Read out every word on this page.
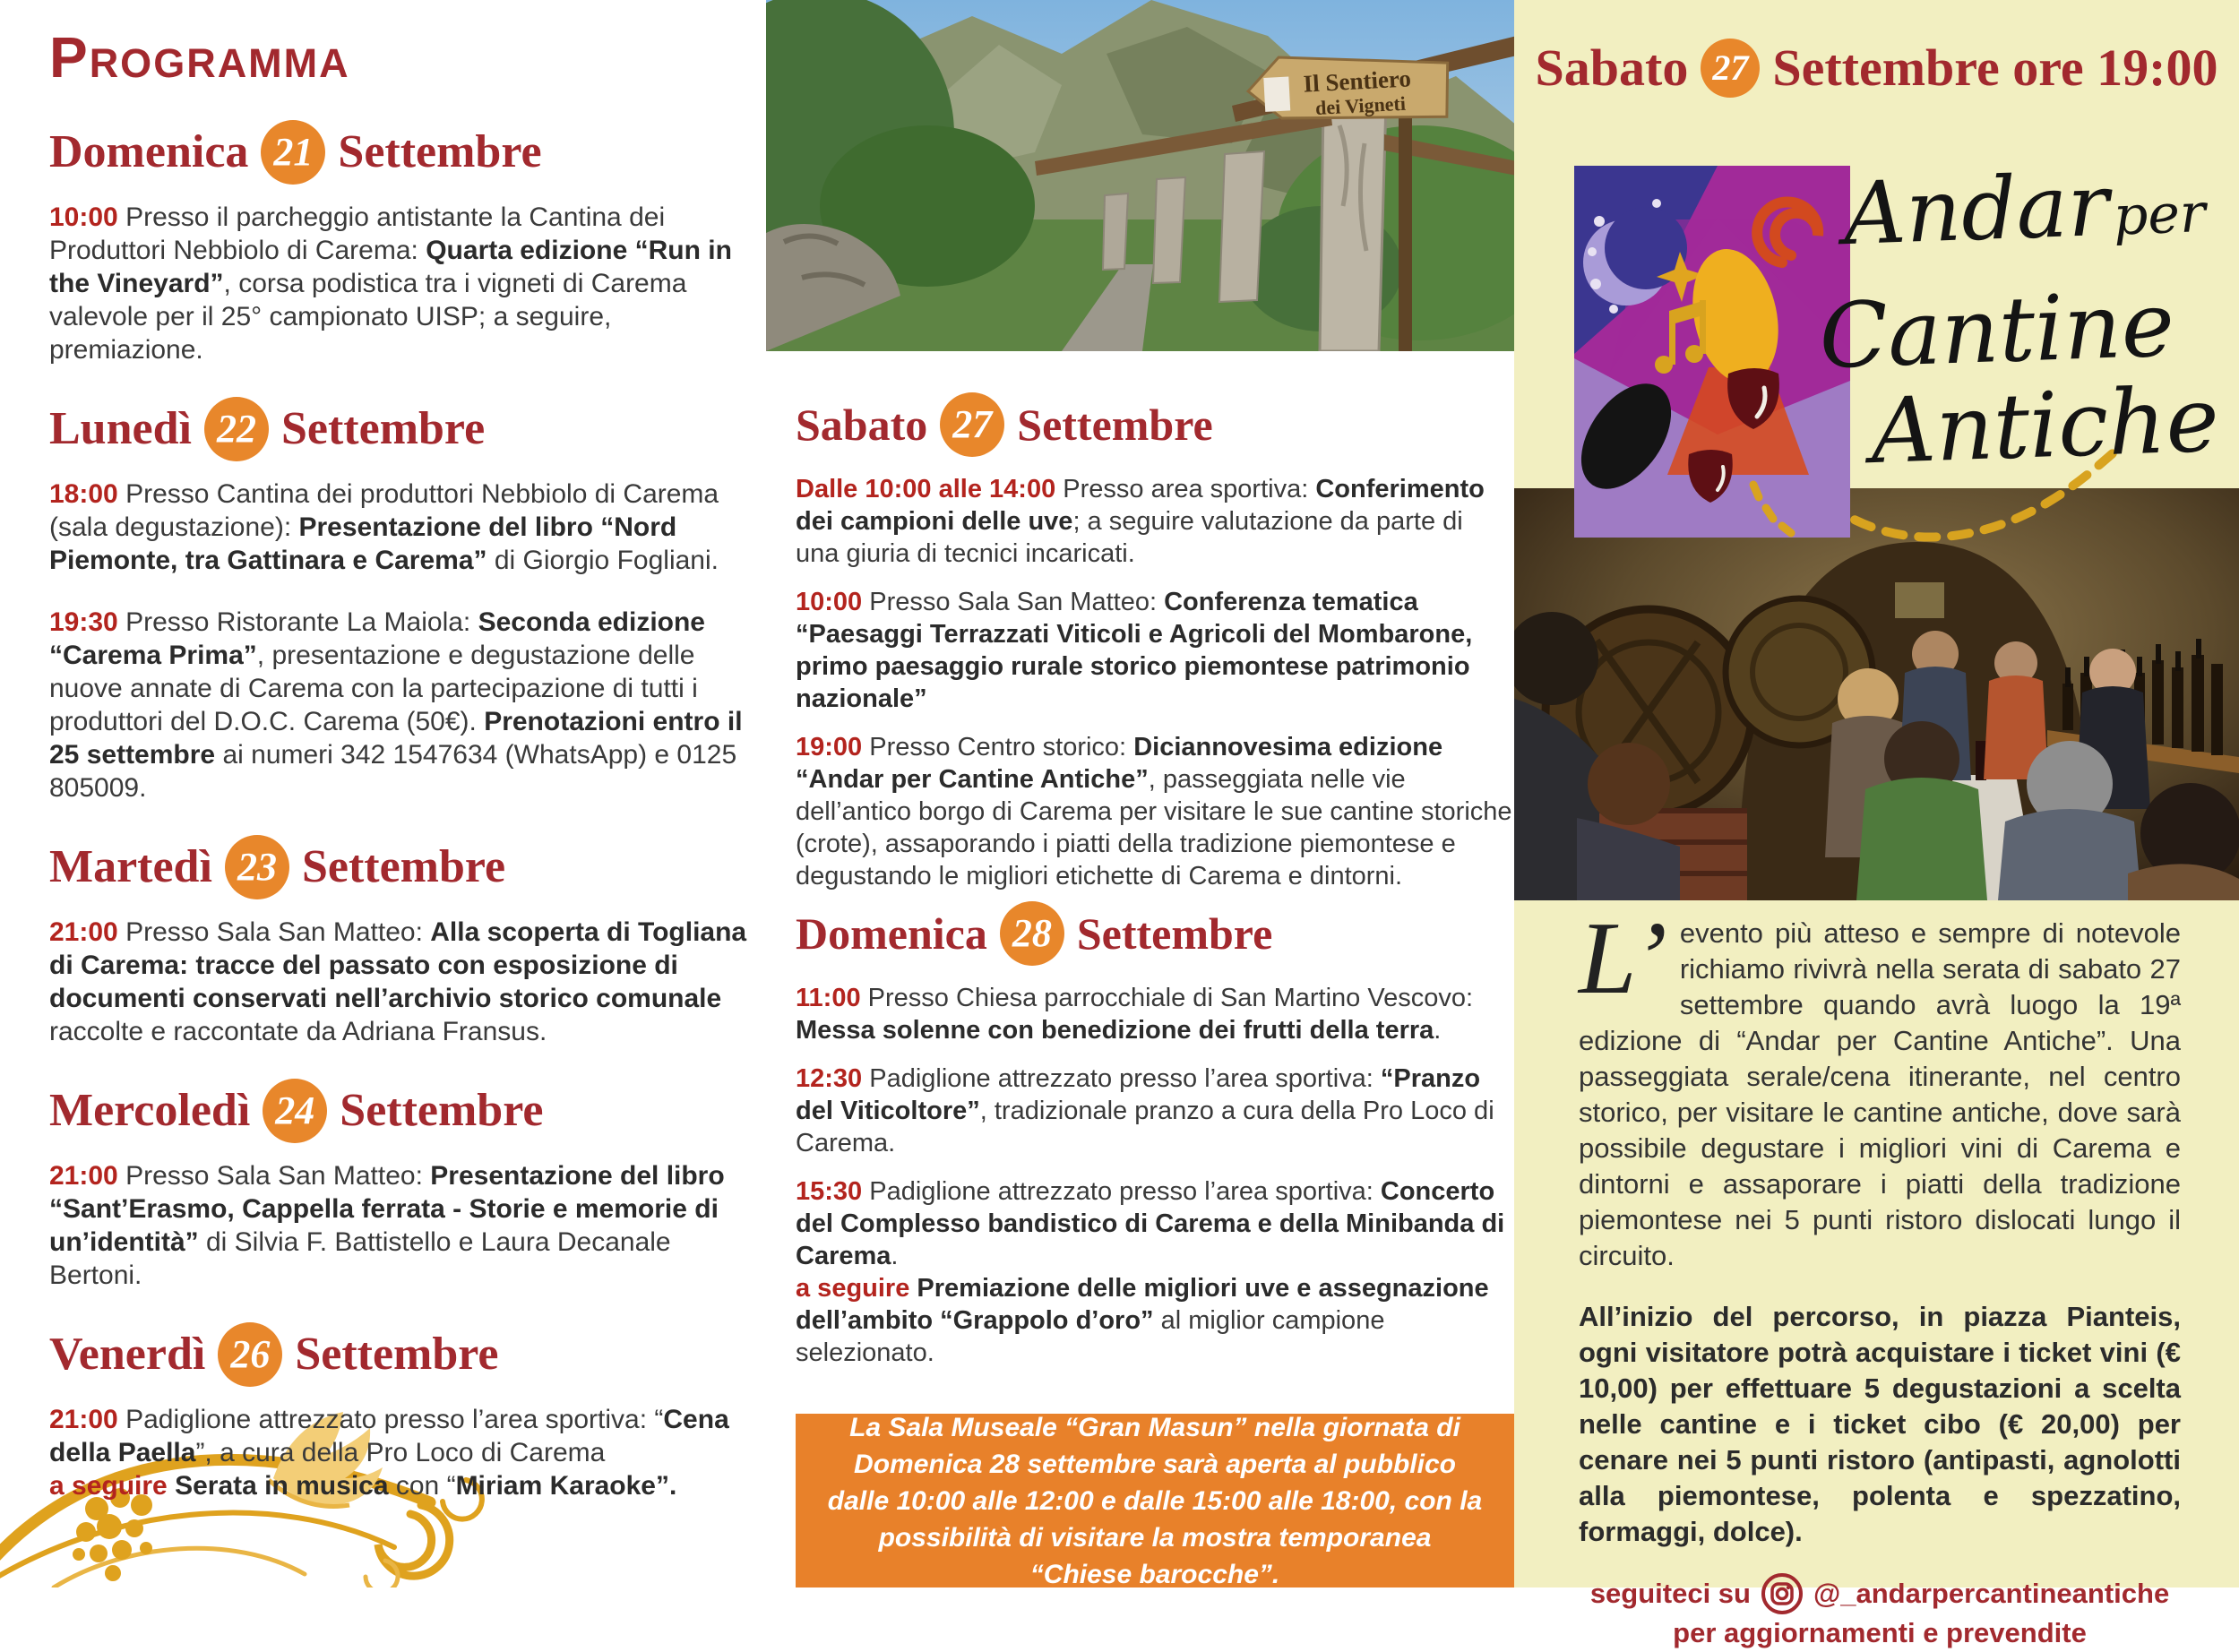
Programma
Domenica 21 Settembre

10:00 Presso il parcheggio antistante la Cantina dei Produttori Nebbiolo di Carema: Quarta edizione “Run in the Vineyard”, corsa podistica tra i vigneti di Carema valevole per il 25° campionato UISP; a seguire, premiazione.

Lunedì 22 Settembre

18:00 Presso Cantina dei produttori Nebbiolo di Carema (sala degustazione): Presentazione del libro “Nord Piemonte, tra Gattinara e Carema” di Giorgio Fogliani.

19:30 Presso Ristorante La Maiola: Seconda edizione “Carema Prima”, presentazione e degustazione delle nuove annate di Carema con la partecipazione di tutti i produttori del D.O.C. Carema (50€). Prenotazioni entro il 25 settembre ai numeri 342 1547634 (WhatsApp) e 0125 805009.

Martedì 23 Settembre

21:00 Presso Sala San Matteo: Alla scoperta di Togliana di Carema: tracce del passato con esposizione di documenti conservati nell’archivio storico comunale raccolte e raccontate da Adriana Fransus.

Mercoledì 24 Settembre

21:00 Presso Sala San Matteo: Presentazione del libro “Sant’Erasmo, Cappella ferrata - Storie e memorie di un’identità” di Silvia F. Battistello e Laura Decanale Bertoni.

Venerdì 26 Settembre

21:00 Padiglione attrezzato presso l’area sportiva: “Cena della Paella”, a cura della Pro Loco di Carema

a seguire Serata in musica con “Miriam Karaoke”.

Il Sentiero
dei Vigneti
Sabato 27 Settembre

Dalle 10:00 alle 14:00 Presso area sportiva: Conferimento dei campioni delle uve; a seguire valutazione da parte di una giuria di tecnici incaricati.

10:00 Presso Sala San Matteo: Conferenza tematica “Paesaggi Terrazzati Viticoli e Agricoli del Mombarone, primo paesaggio rurale storico piemontese patrimonio nazionale”

19:00 Presso Centro storico: Diciannovesima edizione “Andar per Cantine Antiche”, passeggiata nelle vie dell’antico borgo di Carema per visitare le sue cantine storiche (crote), assaporando i piatti della tradizione piemontese e degustando le migliori etichette di Carema e dintorni.

Domenica 28 Settembre

11:00 Presso Chiesa parrocchiale di San Martino Vescovo: Messa solenne con benedizione dei frutti della terra.

12:30 Padiglione attrezzato presso l’area sportiva: “Pranzo del Viticoltore”, tradizionale pranzo a cura della Pro Loco di Carema.

15:30 Padiglione attrezzato presso l’area sportiva: Concerto del Complesso bandistico di Carema e della Minibanda di Carema.

a seguire Premiazione delle migliori uve e assegnazione dell’ambito “Grappolo d’oro” al miglior campione selezionato.

La Sala Museale “Gran Masun” nella giornata di Domenica 28 settembre sarà aperta al pubblico dalle 10:00 alle 12:00 e dalle 15:00 alle 18:00, con la possibilità di visitare la mostra temporanea “Chiese barocche”.
Sabato 27 Settembre ore 19:00
Andar per
Cantine
Antiche

L’ evento più atteso e sempre di notevole richiamo rivivrà nella serata di sabato 27 settembre quando avrà luogo la 19ª edizione di “Andar per Cantine Antiche”. Una passeggiata serale/cena itinerante, nel centro storico, per visitare le cantine antiche, dove sarà possibile degustare i migliori vini di Carema e dintorni e assaporare i piatti della tradizione piemontese nei 5 punti ristoro dislocati lungo il circuito.

All’inizio del percorso, in piazza Pianteis, ogni visitatore potrà acquistare i ticket vini (€ 10,00) per effettuare 5 degustazioni a scelta nelle cantine e i ticket cibo (€ 20,00) per cenare nei 5 punti ristoro (antipasti, agnolotti alla piemontese, polenta e spezzatino, formaggi, dolce).

seguiteci su @_andarpercantineantiche
per aggiornamenti e prevendite
